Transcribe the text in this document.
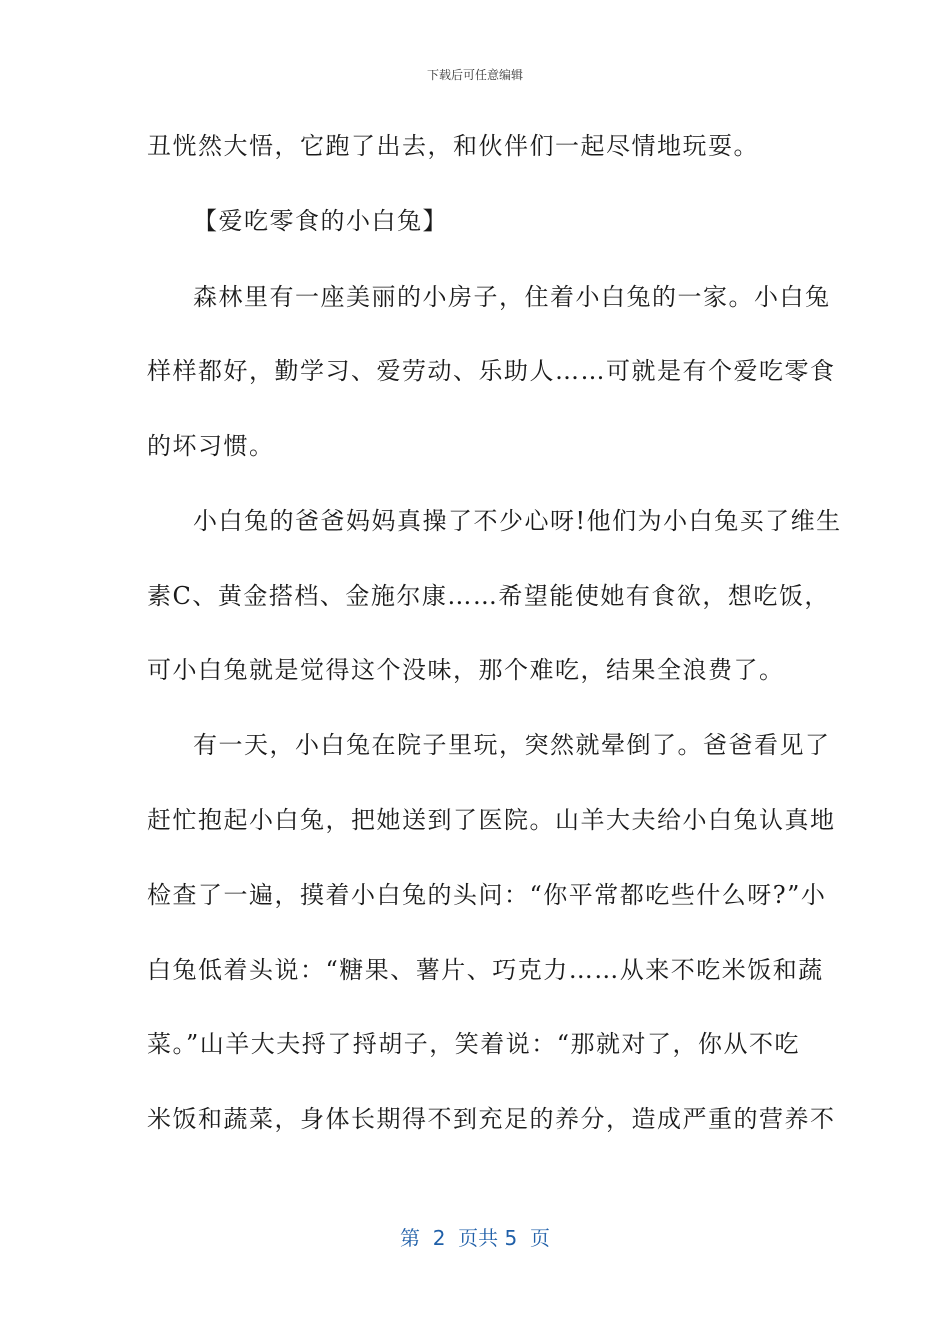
下载后可任意编辑
丑恍然大悟，它跑了出去，和伙伴们一起尽情地玩耍。
【爱吃零食的小白兔】
森林里有一座美丽的小房子，住着小白兔的一家。小白兔
样样都好，勤学习、爱劳动、乐助人……可就是有个爱吃零食
的坏习惯。
小白兔的爸爸妈妈真操了不少心呀!他们为小白兔买了维生
素C、黄金搭档、金施尔康……希望能使她有食欲，想吃饭，
可小白兔就是觉得这个没味，那个难吃，结果全浪费了。
有一天，小白兔在院子里玩，突然就晕倒了。爸爸看见了
赶忙抱起小白兔，把她送到了医院。山羊大夫给小白兔认真地
检查了一遍，摸着小白兔的头问：“你平常都吃些什么呀?”小
白兔低着头说：“糖果、薯片、巧克力……从来不吃米饭和蔬
菜。”山羊大夫捋了捋胡子，笑着说：“那就对了，你从不吃
米饭和蔬菜，身体长期得不到充足的养分，造成严重的营养不
第  2  页共 5  页
